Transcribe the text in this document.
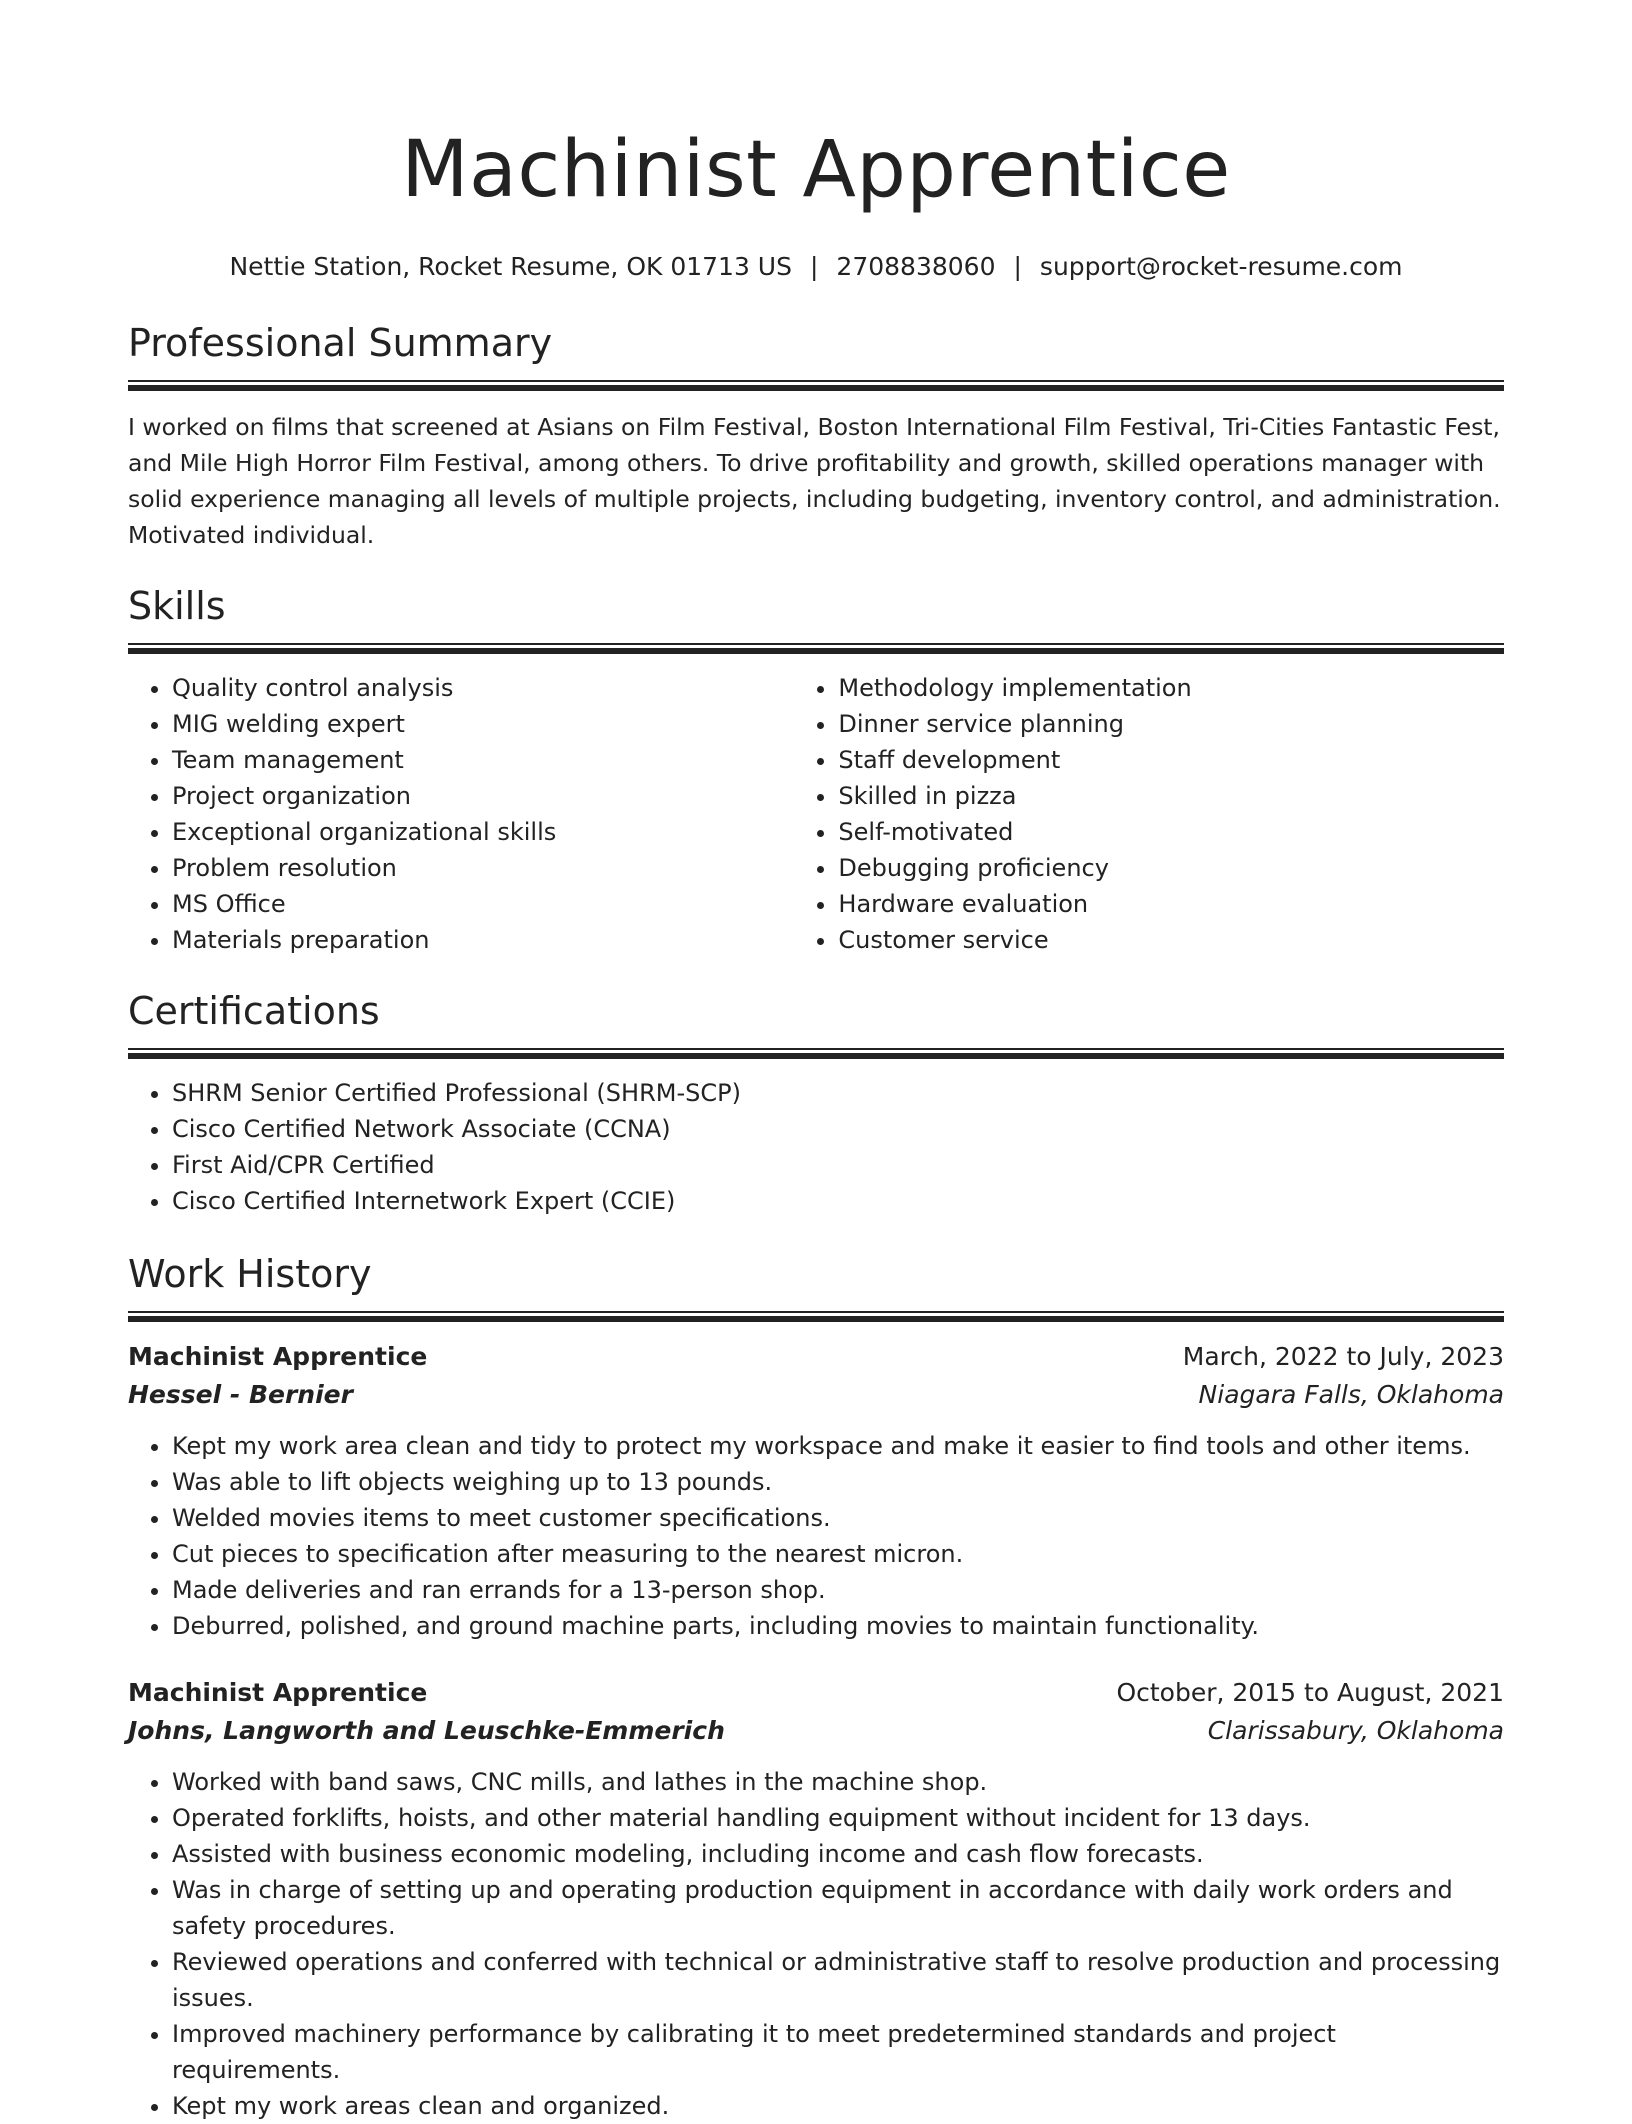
Machinist Apprentice
Nettie Station, Rocket Resume, OK 01713 US | 2708838060 | support@rocket-resume.com
Professional Summary
I worked on films that screened at Asians on Film Festival, Boston International Film Festival, Tri-Cities Fantastic Fest, and Mile High Horror Film Festival, among others. To drive profitability and growth, skilled operations manager with solid experience managing all levels of multiple projects, including budgeting, inventory control, and administration. Motivated individual.
Skills
• Quality control analysis
• MIG welding expert
• Team management
• Project organization
• Exceptional organizational skills
• Problem resolution
• MS Office
• Materials preparation
• Methodology implementation
• Dinner service planning
• Staff development
• Skilled in pizza
• Self-motivated
• Debugging proficiency
• Hardware evaluation
• Customer service
Certifications
• SHRM Senior Certified Professional (SHRM-SCP)
• Cisco Certified Network Associate (CCNA)
• First Aid/CPR Certified
• Cisco Certified Internetwork Expert (CCIE)
Work History
Machinist Apprentice	March, 2022 to July, 2023
Hessel - Bernier	Niagara Falls, Oklahoma
• Kept my work area clean and tidy to protect my workspace and make it easier to find tools and other items.
• Was able to lift objects weighing up to 13 pounds.
• Welded movies items to meet customer specifications.
• Cut pieces to specification after measuring to the nearest micron.
• Made deliveries and ran errands for a 13-person shop.
• Deburred, polished, and ground machine parts, including movies to maintain functionality.
Machinist Apprentice	October, 2015 to August, 2021
Johns, Langworth and Leuschke-Emmerich	Clarissabury, Oklahoma
• Worked with band saws, CNC mills, and lathes in the machine shop.
• Operated forklifts, hoists, and other material handling equipment without incident for 13 days.
• Assisted with business economic modeling, including income and cash flow forecasts.
• Was in charge of setting up and operating production equipment in accordance with daily work orders and safety procedures.
• Reviewed operations and conferred with technical or administrative staff to resolve production and processing issues.
• Improved machinery performance by calibrating it to meet predetermined standards and project requirements.
• Kept my work areas clean and organized.
